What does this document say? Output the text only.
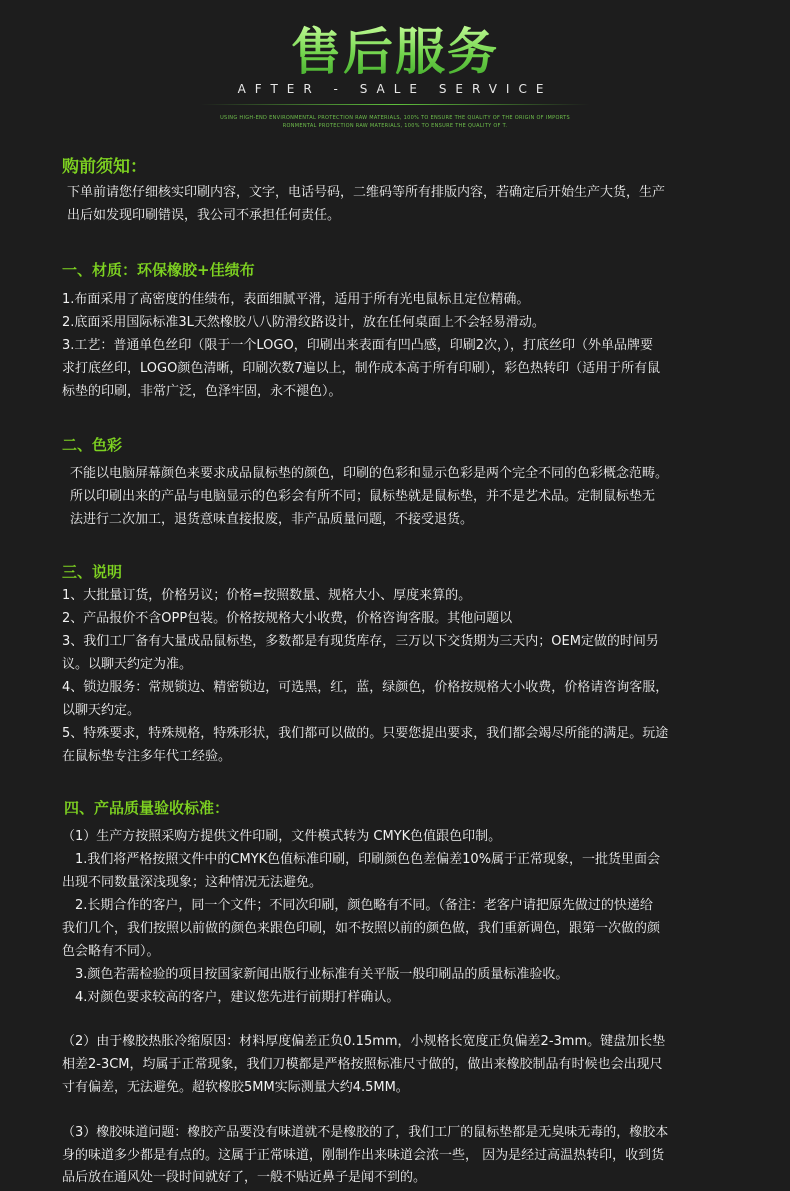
售后服务
AFTER - SALE SERVICE
USING HIGH-END ENVIRONMENTAL PROTECTION RAW MATERIALS, 100% TO ENSURE THE QUALITY OF THE ORIGIN OF IMPORTS
RONMENTAL PROTECTION RAW MATERIALS, 100% TO ENSURE THE QUALITY OF T.
购前须知：
下单前请您仔细核实印刷内容，文字，电话号码，二维码等所有排版内容，若确定后开始生产大货，生产
出后如发现印刷错误，我公司不承担任何责任。
一、材质：环保橡胶+佳绩布
1.布面采用了高密度的佳绩布，表面细腻平滑，适用于所有光电鼠标且定位精确。
2.底面采用国际标准3L天然橡胶八八防滑纹路设计，放在任何桌面上不会轻易滑动。
3.工艺：普通单色丝印（限于一个LOGO，印刷出来表面有凹凸感，印刷2次，），打底丝印（外单品牌要
求打底丝印，LOGO颜色清晰，印刷次数7遍以上，制作成本高于所有印刷），彩色热转印（适用于所有鼠
标垫的印刷，非常广泛，色泽牢固，永不褪色）。
二、色彩
不能以电脑屏幕颜色来要求成品鼠标垫的颜色，印刷的色彩和显示色彩是两个完全不同的色彩概念范畴。
所以印刷出来的产品与电脑显示的色彩会有所不同；鼠标垫就是鼠标垫，并不是艺术品。定制鼠标垫无
法进行二次加工，退货意味直接报废，非产品质量问题，不接受退货。
三、说明
1、大批量订货，价格另议；价格=按照数量、规格大小、厚度来算的。
2、产品报价不含OPP包装。价格按规格大小收费，价格咨询客服。其他问题以
3、我们工厂备有大量成品鼠标垫，多数都是有现货库存，三万以下交货期为三天内；OEM定做的时间另
议。以聊天约定为准。
4、锁边服务：常规锁边、精密锁边，可选黑，红，蓝，绿颜色，价格按规格大小收费，价格请咨询客服，
以聊天约定。
5、特殊要求，特殊规格，特殊形状，我们都可以做的。只要您提出要求，我们都会竭尽所能的满足。玩途
在鼠标垫专注多年代工经验。
四、产品质量验收标准：
（1）生产方按照采购方提供文件印刷，文件模式转为 CMYK色值跟色印制。
　1.我们将严格按照文件中的CMYK色值标准印刷，印刷颜色色差偏差10%属于正常现象，一批货里面会
出现不同数量深浅现象；这种情况无法避免。
　2.长期合作的客户，同一个文件；不同次印刷，颜色略有不同。（备注：老客户请把原先做过的快递给
我们几个，我们按照以前做的颜色来跟色印刷，如不按照以前的颜色做，我们重新调色，跟第一次做的颜
色会略有不同）。
　3.颜色若需检验的项目按国家新闻出版行业标准有关平版一般印刷品的质量标准验收。
　4.对颜色要求较高的客户，建议您先进行前期打样确认。
（2）由于橡胶热胀冷缩原因：材料厚度偏差正负0.15mm，小规格长宽度正负偏差2-3mm。键盘加长垫
相差2-3CM，均属于正常现象，我们刀模都是严格按照标准尺寸做的，做出来橡胶制品有时候也会出现尺
寸有偏差，无法避免。超软橡胶5MM实际测量大约4.5MM。
（3）橡胶味道问题：橡胶产品要没有味道就不是橡胶的了，我们工厂的鼠标垫都是无臭味无毒的，橡胶本
身的味道多少都是有点的。这属于正常味道，刚制作出来味道会浓一些， 因为是经过高温热转印，收到货
品后放在通风处一段时间就好了，一般不贴近鼻子是闻不到的。
